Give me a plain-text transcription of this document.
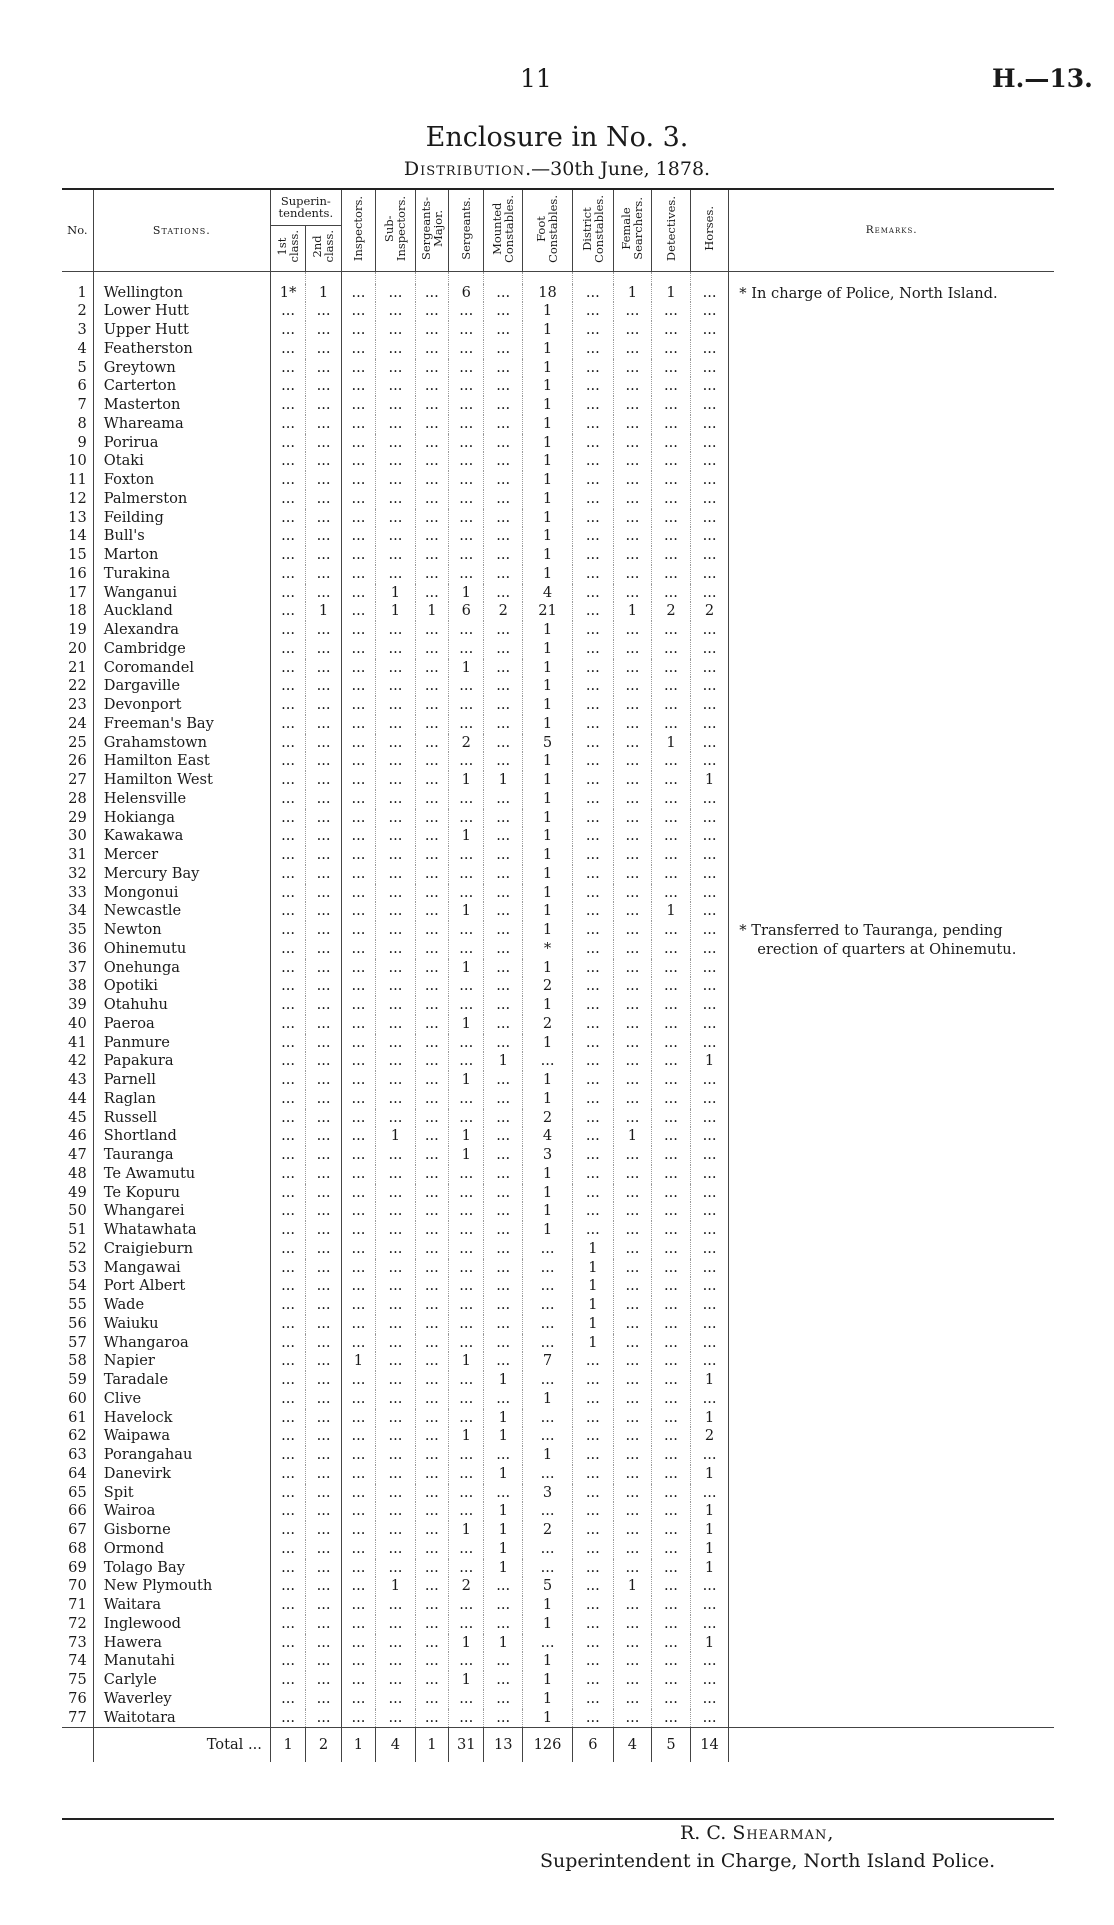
11	H.—13.
Enclosure in No. 3.
Distribution.—30th June, 1878.
No.	Stations.	Superin-
tendents.		Inspectors.	Sub-
Inspectors.	Sergeants-
Major.	Sergeants.	Mounted
Constables.	Foot
Constables.	District
Constables.	Female
Searchers.	Detectives.	Horses.	Remarks.
		1st
class.	2nd
class.											

														* In charge of Police, North Island.
* Transferred to Tauranga, pending erection of quarters at Ohinemutu.

1	Wellington	1*	1	...	...	...	6	...	18	...	1	1	...	
2	Lower Hutt	...	...	...	...	...	...	...	1	...	...	...	...	
3	Upper Hutt	...	...	...	...	...	...	...	1	...	...	...	...	
4	Featherston	...	...	...	...	...	...	...	1	...	...	...	...	
5	Greytown	...	...	...	...	...	...	...	1	...	...	...	...	
6	Carterton	...	...	...	...	...	...	...	1	...	...	...	...	
7	Masterton	...	...	...	...	...	...	...	1	...	...	...	...	
8	Whareama	...	...	...	...	...	...	...	1	...	...	...	...	
9	Porirua	...	...	...	...	...	...	...	1	...	...	...	...	
10	Otaki	...	...	...	...	...	...	...	1	...	...	...	...	
11	Foxton	...	...	...	...	...	...	...	1	...	...	...	...	
12	Palmerston	...	...	...	...	...	...	...	1	...	...	...	...	
13	Feilding	...	...	...	...	...	...	...	1	...	...	...	...	
14	Bull's	...	...	...	...	...	...	...	1	...	...	...	...	
15	Marton	...	...	...	...	...	...	...	1	...	...	...	...	
16	Turakina	...	...	...	...	...	...	...	1	...	...	...	...	
17	Wanganui	...	...	...	1	...	1	...	4	...	...	...	...	
18	Auckland	...	1	...	1	1	6	2	21	...	1	2	2	
19	Alexandra	...	...	...	...	...	...	...	1	...	...	...	...	
20	Cambridge	...	...	...	...	...	...	...	1	...	...	...	...	
21	Coromandel	...	...	...	...	...	1	...	1	...	...	...	...	
22	Dargaville	...	...	...	...	...	...	...	1	...	...	...	...	
23	Devonport	...	...	...	...	...	...	...	1	...	...	...	...	
24	Freeman's Bay	...	...	...	...	...	...	...	1	...	...	...	...	
25	Grahamstown	...	...	...	...	...	2	...	5	...	...	1	...	
26	Hamilton East	...	...	...	...	...	...	...	1	...	...	...	...	
27	Hamilton West	...	...	...	...	...	1	1	1	...	...	...	1	
28	Helensville	...	...	...	...	...	...	...	1	...	...	...	...	
29	Hokianga	...	...	...	...	...	...	...	1	...	...	...	...	
30	Kawakawa	...	...	...	...	...	1	...	1	...	...	...	...	
31	Mercer	...	...	...	...	...	...	...	1	...	...	...	...	
32	Mercury Bay	...	...	...	...	...	...	...	1	...	...	...	...	
33	Mongonui	...	...	...	...	...	...	...	1	...	...	...	...	
34	Newcastle	...	...	...	...	...	1	...	1	...	...	1	...	
35	Newton	...	...	...	...	...	...	...	1	...	...	...	...	
36	Ohinemutu	...	...	...	...	...	...	...	*	...	...	...	...	
37	Onehunga	...	...	...	...	...	1	...	1	...	...	...	...	
38	Opotiki	...	...	...	...	...	...	...	2	...	...	...	...	
39	Otahuhu	...	...	...	...	...	...	...	1	...	...	...	...	
40	Paeroa	...	...	...	...	...	1	...	2	...	...	...	...	
41	Panmure	...	...	...	...	...	...	...	1	...	...	...	...	
42	Papakura	...	...	...	...	...	...	1	...	...	...	...	1	
43	Parnell	...	...	...	...	...	1	...	1	...	...	...	...	
44	Raglan	...	...	...	...	...	...	...	1	...	...	...	...	
45	Russell	...	...	...	...	...	...	...	2	...	...	...	...	
46	Shortland	...	...	...	1	...	1	...	4	...	1	...	...	
47	Tauranga	...	...	...	...	...	1	...	3	...	...	...	...	
48	Te Awamutu	...	...	...	...	...	...	...	1	...	...	...	...	
49	Te Kopuru	...	...	...	...	...	...	...	1	...	...	...	...	
50	Whangarei	...	...	...	...	...	...	...	1	...	...	...	...	
51	Whatawhata	...	...	...	...	...	...	...	1	...	...	...	...	
52	Craigieburn	...	...	...	...	...	...	...	...	1	...	...	...	
53	Mangawai	...	...	...	...	...	...	...	...	1	...	...	...	
54	Port Albert	...	...	...	...	...	...	...	...	1	...	...	...	
55	Wade	...	...	...	...	...	...	...	...	1	...	...	...	
56	Waiuku	...	...	...	...	...	...	...	...	1	...	...	...	
57	Whangaroa	...	...	...	...	...	...	...	...	1	...	...	...	
58	Napier	...	...	1	...	...	1	...	7	...	...	...	...	
59	Taradale	...	...	...	...	...	...	1	...	...	...	...	1	
60	Clive	...	...	...	...	...	...	...	1	...	...	...	...	
61	Havelock	...	...	...	...	...	...	1	...	...	...	...	1	
62	Waipawa	...	...	...	...	...	1	1	...	...	...	...	2	
63	Porangahau	...	...	...	...	...	...	...	1	...	...	...	...	
64	Danevirk	...	...	...	...	...	...	1	...	...	...	...	1	
65	Spit	...	...	...	...	...	...	...	3	...	...	...	...	
66	Wairoa	...	...	...	...	...	...	1	...	...	...	...	1	
67	Gisborne	...	...	...	...	...	1	1	2	...	...	...	1	
68	Ormond	...	...	...	...	...	...	1	...	...	...	...	1	
69	Tolago Bay	...	...	...	...	...	...	1	...	...	...	...	1	
70	New Plymouth	...	...	...	1	...	2	...	5	...	1	...	...	
71	Waitara	...	...	...	...	...	...	...	1	...	...	...	...	
72	Inglewood	...	...	...	...	...	...	...	1	...	...	...	...	
73	Hawera	...	...	...	...	...	1	1	...	...	...	...	1	
74	Manutahi	...	...	...	...	...	...	...	1	...	...	...	...	
75	Carlyle	...	...	...	...	...	1	...	1	...	...	...	...	
76	Waverley	...	...	...	...	...	...	...	1	...	...	...	...	
77	Waitotara	...	...	...	...	...	...	...	1	...	...	...	...	
	Total ...	1	2	1	4	1	31	13	126	6	4	5	14	
R. C. Shearman,
Superintendent in Charge, North Island Police.
